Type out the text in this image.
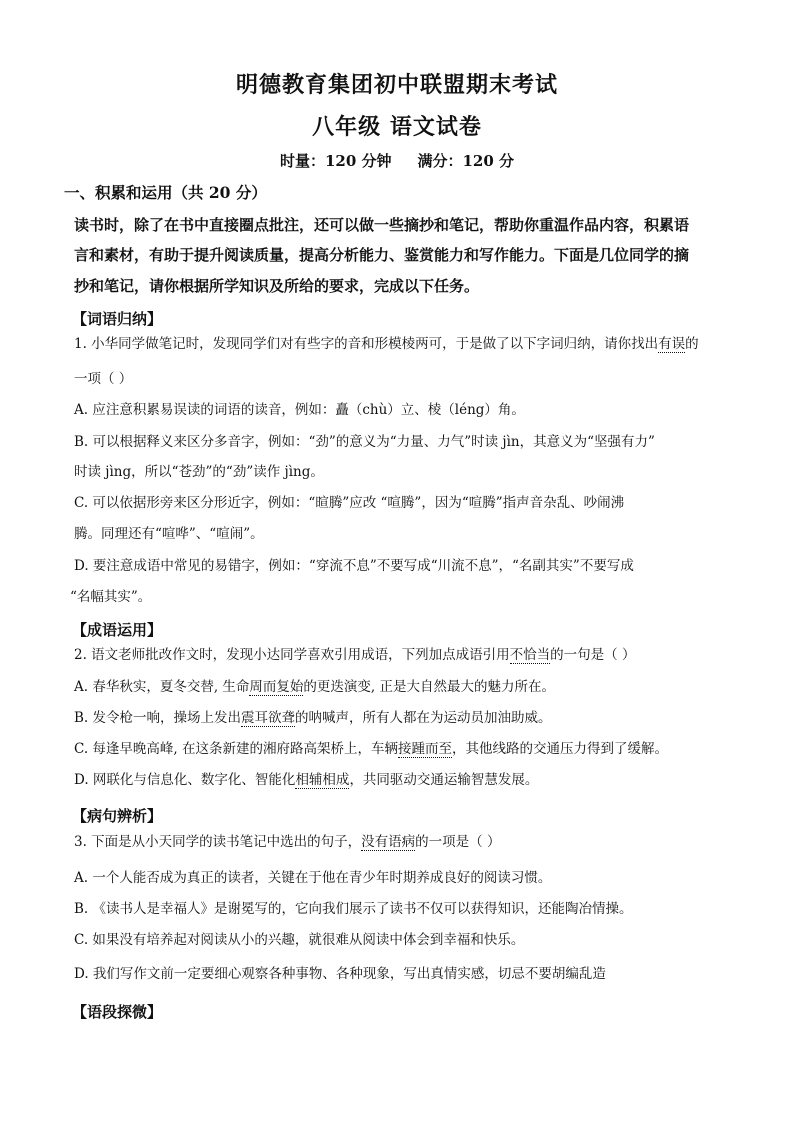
明德教育集团初中联盟期末考试
八年级 语文试卷
时量：120 分钟 满分：120 分
一、积累和运用（共 20 分）
读书时，除了在书中直接圈点批注，还可以做一些摘抄和笔记，帮助你重温作品内容，积累语
言和素材，有助于提升阅读质量，提高分析能力、鉴赏能力和写作能力。下面是几位同学的摘
抄和笔记，请你根据所学知识及所给的要求，完成以下任务。
【词语归纳】
1. 小华同学做笔记时，发现同学们对有些字的音和形模棱两可，于是做了以下字词归纳，请你找出有误的
一项（ ）
A. 应注意积累易误读的词语的读音，例如：矗（chù）立、棱（léng）角。
B. 可以根据释义来区分多音字，例如：“劲”的意义为“力量、力气”时读 jìn，其意义为“坚强有力”
时读 jìng，所以“苍劲”的“劲”读作 jìng。
C. 可以依据形旁来区分形近字，例如：“暄腾”应改 “喧腾”，因为“喧腾”指声音杂乱、吵闹沸
腾。同理还有“喧哗”、“喧闹”。
D. 要注意成语中常见的易错字，例如：“穿流不息”不要写成“川流不息”，“名副其实”不要写成
“名幅其实”。
【成语运用】
2. 语文老师批改作文时，发现小达同学喜欢引用成语，下列加点成语引用不恰当的一句是（ ）
A. 春华秋实，夏冬交替, 生命周而复始的更迭演变, 正是大自然最大的魅力所在。
B. 发令枪一响，操场上发出震耳欲聋的呐喊声，所有人都在为运动员加油助威。
C. 每逢早晚高峰, 在这条新建的湘府路高架桥上，车辆接踵而至，其他线路的交通压力得到了缓解。
D. 网联化与信息化、数字化、智能化相辅相成，共同驱动交通运输智慧发展。
【病句辨析】
3. 下面是从小天同学的读书笔记中选出的句子，没有语病的一项是（ ）
A. 一个人能否成为真正的读者，关键在于他在青少年时期养成良好的阅读习惯。
B. 《读书人是幸福人》是谢冕写的，它向我们展示了读书不仅可以获得知识，还能陶冶情操。
C. 如果没有培养起对阅读从小的兴趣，就很难从阅读中体会到幸福和快乐。
D. 我们写作文前一定要细心观察各种事物、各种现象，写出真情实感，切忌不要胡编乱造
【语段探微】
